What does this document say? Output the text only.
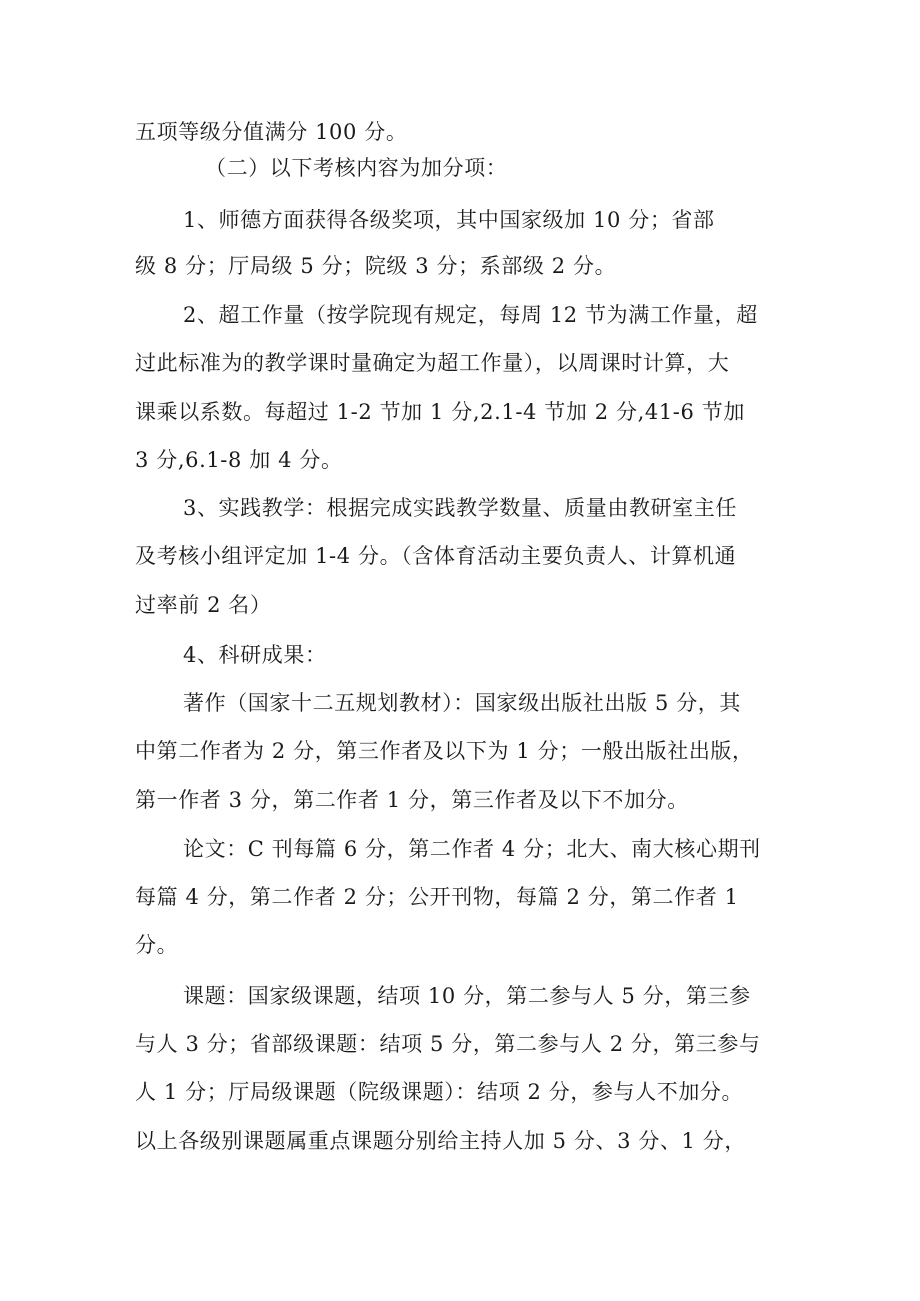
五项等级分值满分 100 分。
（二）以下考核内容为加分项：
1、师德方面获得各级奖项，其中国家级加 10 分；省部
级 8 分；厅局级 5 分；院级 3 分；系部级 2 分。
2、超工作量（按学院现有规定，每周 12 节为满工作量，超
过此标准为的教学课时量确定为超工作量），以周课时计算，大
课乘以系数。每超过 1-2 节加 1 分,2.1-4 节加 2 分,41-6 节加
3 分,6.1-8 加 4 分。
3、实践教学：根据完成实践教学数量、质量由教研室主任
及考核小组评定加 1-4 分。（含体育活动主要负责人、计算机通
过率前 2 名）
4、科研成果：
著作（国家十二五规划教材）：国家级出版社出版 5 分，其
中第二作者为 2 分，第三作者及以下为 1 分；一般出版社出版，
第一作者 3 分，第二作者 1 分，第三作者及以下不加分。
论文：C 刊每篇 6 分，第二作者 4 分；北大、南大核心期刊
每篇 4 分，第二作者 2 分；公开刊物，每篇 2 分，第二作者 1
分。
课题：国家级课题，结项 10 分，第二参与人 5 分，第三参
与人 3 分；省部级课题：结项 5 分，第二参与人 2 分，第三参与
人 1 分；厅局级课题（院级课题）：结项 2 分，参与人不加分。
以上各级别课题属重点课题分别给主持人加 5 分、3 分、1 分，
